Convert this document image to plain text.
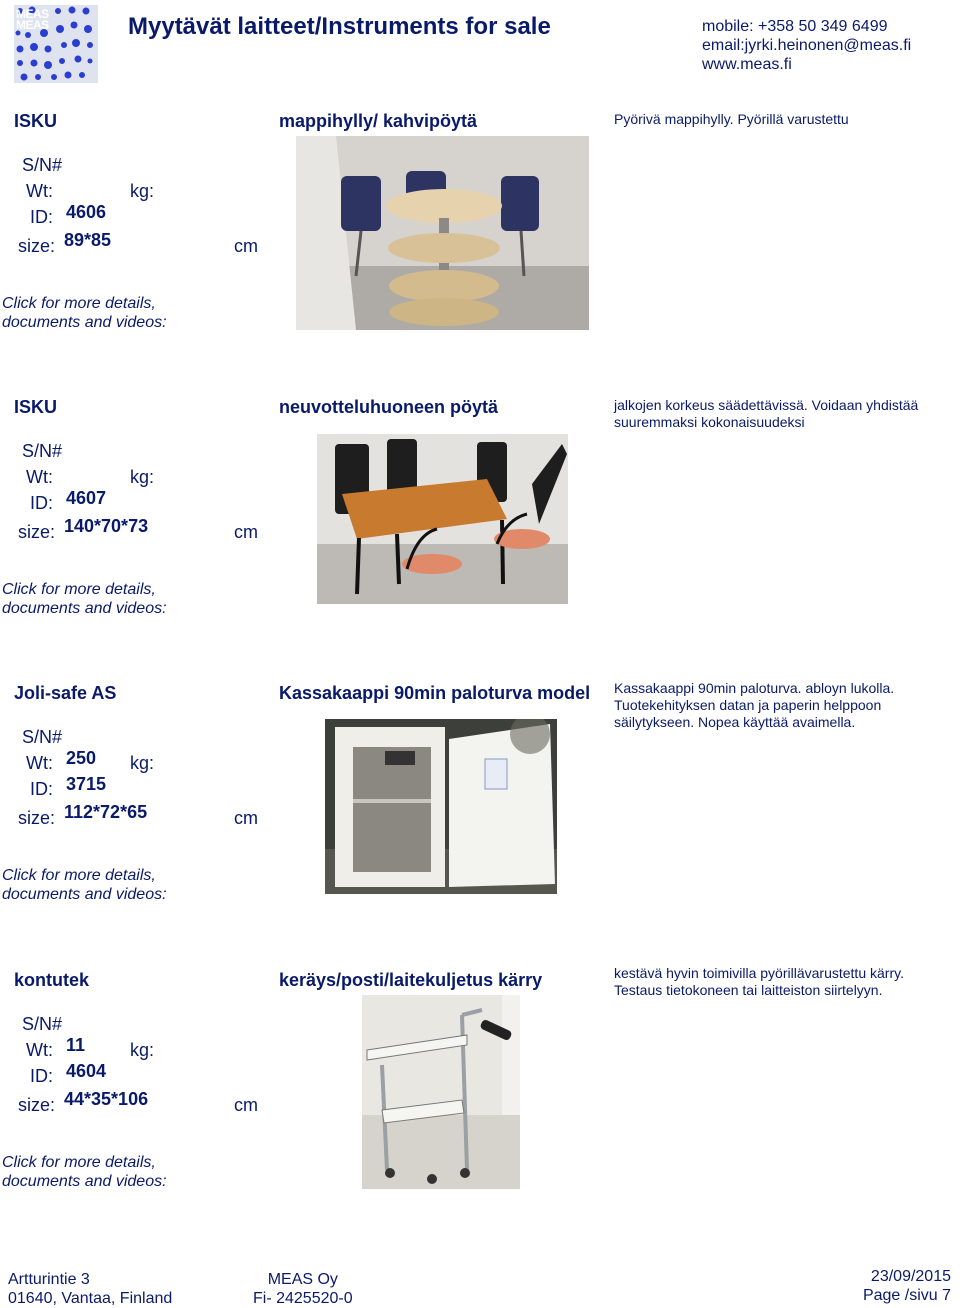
MEAS
MEAS	Myytävät laitteet/Instruments for sale	mobile: +358 50 349 6499
email:jyrki.heinonen@meas.fi
www.meas.fi
ISKU	mappihylly/ kahvipöytä	Pyörivä mappihylly. Pyörillä varustettu
S/N#
Wt:	kg:
ID: 4606
size: 89*85	cm
Click for more details,
documents and videos:
ISKU	neuvotteluhuoneen pöytä	jalkojen korkeus säädettävissä. Voidaan yhdistää suuremmaksi kokonaisuudeksi
S/N#
Wt:	kg:
ID: 4607
size: 140*70*73	cm
Click for more details,
documents and videos:
Joli-safe AS	Kassakaappi 90min paloturva model Kassakaappi 90min paloturva. abloyn lukolla. Tuotekehityksen datan ja paperin helppoon säilytykseen. Nopea käyttää avaimella.
S/N#
Wt: 250 kg:
ID: 3715
size: 112*72*65	cm
Click for more details,
documents and videos:
kontutek	keräys/posti/laitekuljetus kärry	kestävä hyvin toimivilla pyörillävarustettu kärry. Testaus tietokoneen tai laitteiston siirtelyyn.
S/N#
Wt: 11 kg:
ID: 4604
size: 44*35*106	cm
Click for more details,
documents and videos:
Artturintie 3
01640, Vantaa, Finland
MEAS Oy
Fi- 2425520-0
23/09/2015
Page /sivu 7
